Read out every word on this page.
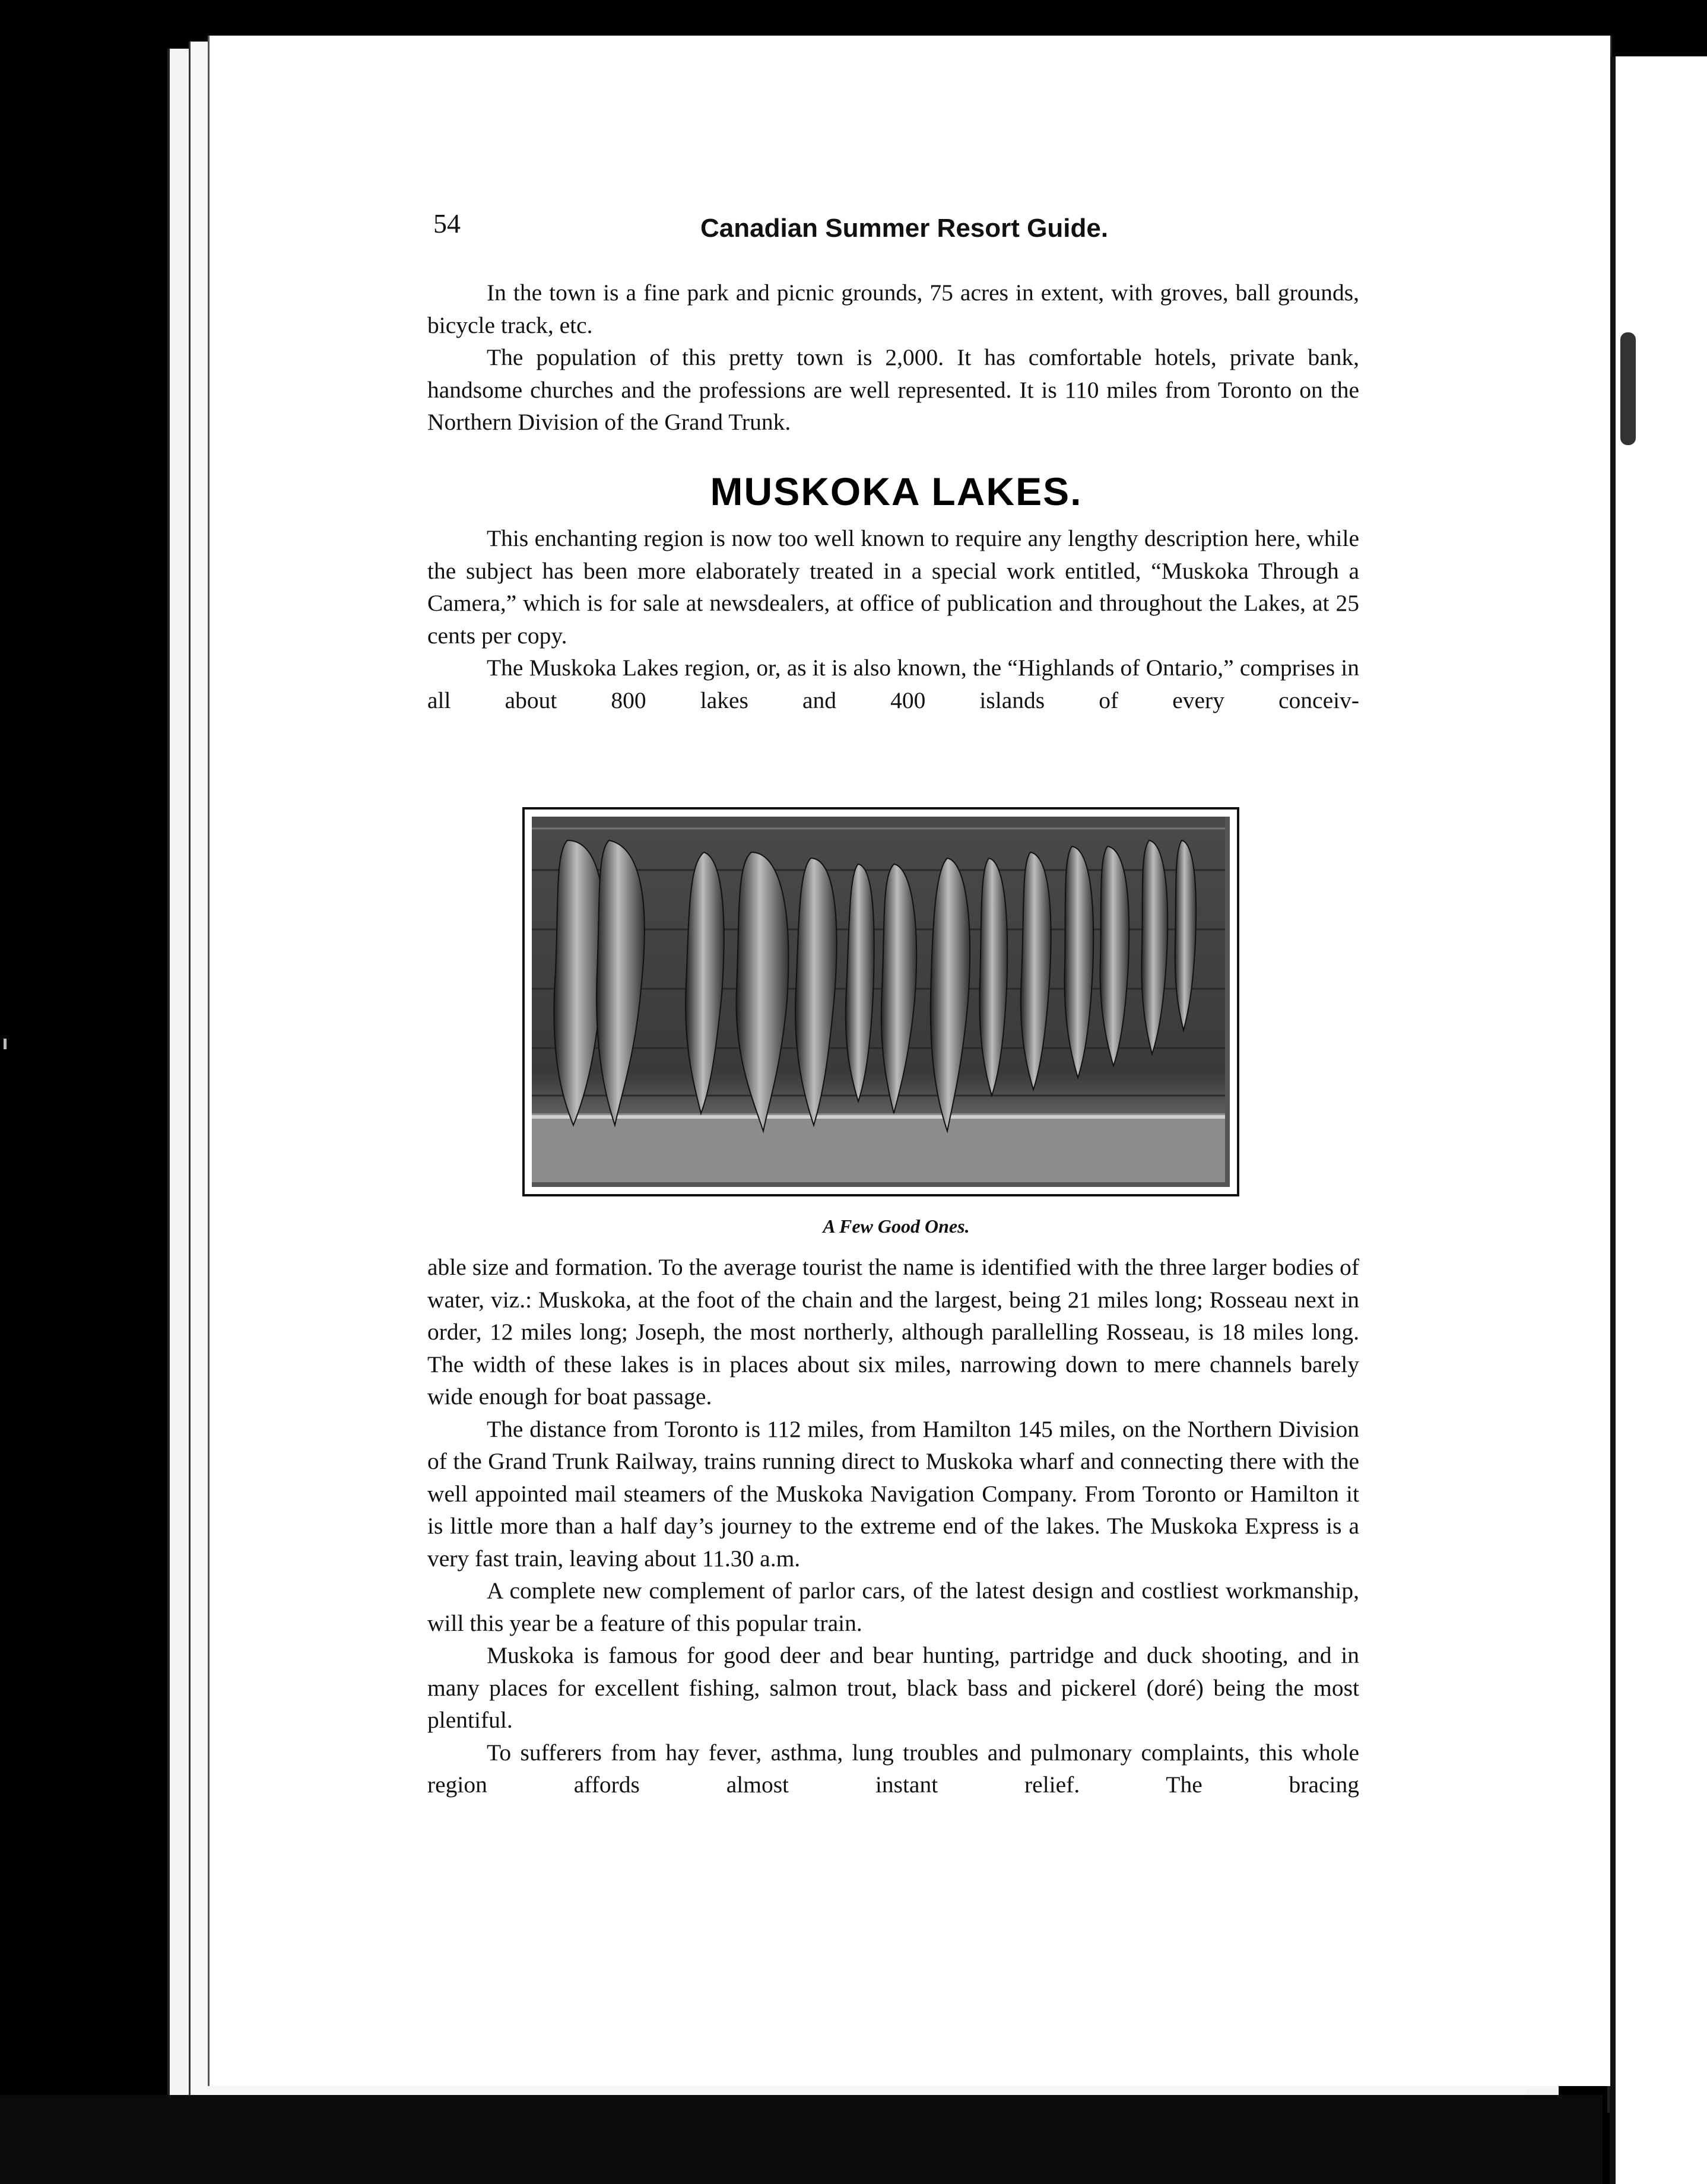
54	Canadian Summer Resort Guide.

In the town is a fine park and picnic grounds, 75 acres in extent, with groves, ball grounds, bicycle track, etc.

The population of this pretty town is 2,000. It has comfortable hotels, private bank, handsome churches and the professions are well represented. It is 110 miles from Toronto on the Northern Division of the Grand Trunk.

MUSKOKA LAKES.

This enchanting region is now too well known to require any lengthy description here, while the subject has been more elaborately treated in a special work entitled, “Muskoka Through a Camera,” which is for sale at newsdealers, at office of publication and throughout the Lakes, at 25 cents per copy.

The Muskoka Lakes region, or, as it is also known, the “Highlands of Ontario,” comprises in all about 800 lakes and 400 islands of every conceiv-

A Few Good Ones.

able size and formation. To the average tourist the name is identified with the three larger bodies of water, viz.: Muskoka, at the foot of the chain and the largest, being 21 miles long; Rosseau next in order, 12 miles long; Joseph, the most northerly, although parallelling Rosseau, is 18 miles long. The width of these lakes is in places about six miles, narrowing down to mere channels barely wide enough for boat passage.

The distance from Toronto is 112 miles, from Hamilton 145 miles, on the Northern Division of the Grand Trunk Railway, trains running direct to Muskoka wharf and connecting there with the well appointed mail steamers of the Muskoka Navigation Company. From Toronto or Hamilton it is little more than a half day’s journey to the extreme end of the lakes. The Muskoka Express is a very fast train, leaving about 11.30 a.m.

A complete new complement of parlor cars, of the latest design and costliest workmanship, will this year be a feature of this popular train.

Muskoka is famous for good deer and bear hunting, partridge and duck shooting, and in many places for excellent fishing, salmon trout, black bass and pickerel (doré) being the most plentiful.

To sufferers from hay fever, asthma, lung troubles and pulmonary complaints, this whole region affords almost instant relief. The bracing
